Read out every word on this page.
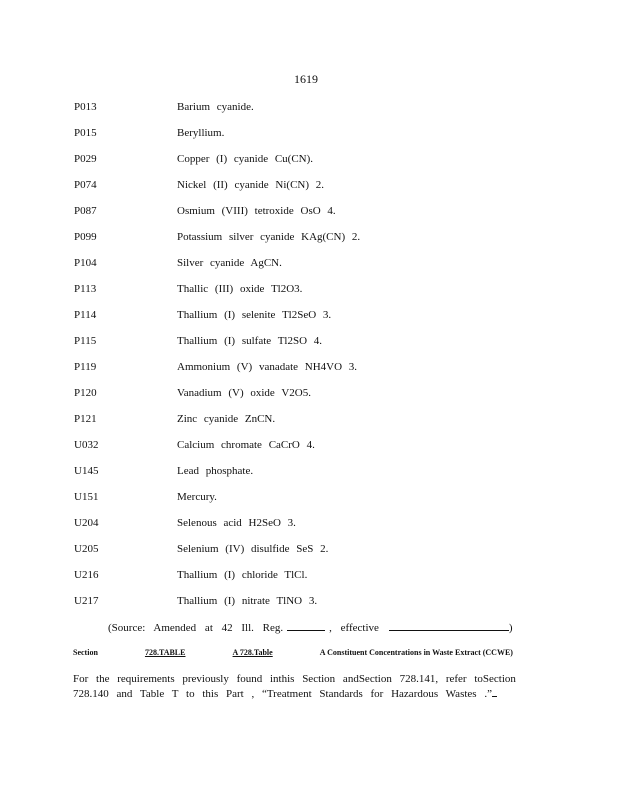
1619
P013	Barium cyanide.
P015	Beryllium.
P029	Copper (I) cyanide Cu(CN).
P074	Nickel (II) cyanide Ni(CN) 2.
P087	Osmium (VIII) tetroxide OsO 4.
P099	Potassium silver cyanide KAg(CN) 2.
P104	Silver cyanide AgCN.
P113	Thallic (III) oxide Tl2O3.
P114	Thallium (I) selenite Tl2SeO 3.
P115	Thallium (I) sulfate Tl2SO 4.
P119	Ammonium (V) vanadate NH4VO 3.
P120	Vanadium (V) oxide V2O5.
P121	Zinc cyanide ZnCN.
U032	Calcium chromate CaCrO 4.
U145	Lead phosphate.
U151	Mercury.
U204	Selenous acid H2SeO 3.
U205	Selenium (IV) disulfide SeS 2.
U216	Thallium (I) chloride TlCl.
U217	Thallium (I) nitrate TlNO 3.
(Source: Amended at 42 Ill. Reg.	, effective	)
Section	728.TABLE	A 728.Table	A Constituent Concentrations in Waste Extract (CCWE)
For the requirements previously found inthis Section andSection 728.141, refer toSection 728.140 and Table T to this Part , “Treatment Standards for Hazardous Wastes .”
